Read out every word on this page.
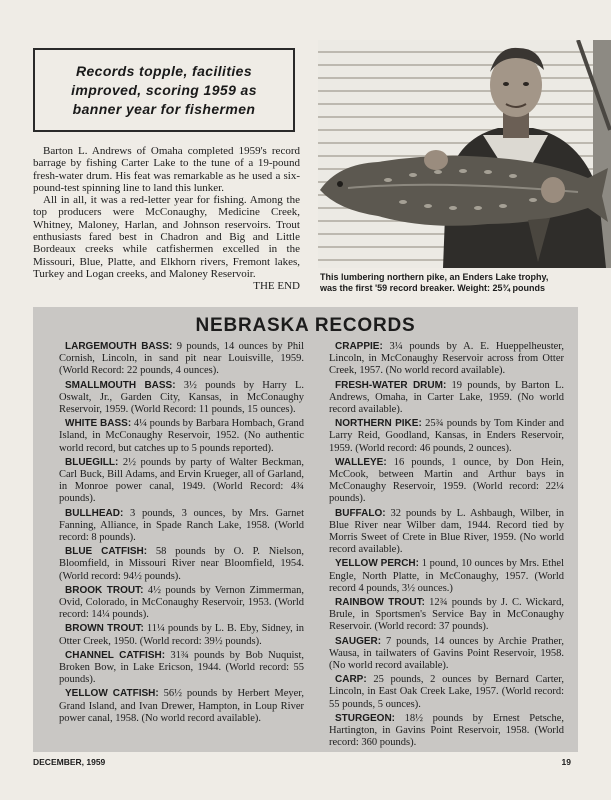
Records topple, facilities
improved, scoring 1959 as
banner year for fishermen

Barton L. Andrews of Omaha completed 1959's record barrage by fishing Carter Lake to the tune of a 19-pound fresh-water drum. His feat was remarkable as he used a six-pound-test spinning line to land this lunker.

All in all, it was a red-letter year for fishing. Among the top producers were McConaughy, Medicine Creek, Whitney, Maloney, Harlan, and Johnson reservoirs. Trout enthusiasts fared best in Chadron and Big and Little Bordeaux creeks while catfishermen excelled in the Missouri, Blue, Platte, and Elkhorn rivers, Fremont lakes, Turkey and Logan creeks, and Maloney Reservoir.
THE END

This lumbering northern pike, an Enders Lake trophy,
was the first '59 record breaker. Weight: 25¾ pounds
NEBRASKA RECORDS

LARGEMOUTH BASS: 9 pounds, 14 ounces by Phil Cornish, Lincoln, in sand pit near Louisville, 1959. (World Record: 22 pounds, 4 ounces).

SMALLMOUTH BASS: 3½ pounds by Harry L. Oswalt, Jr., Garden City, Kansas, in McConaughy Reservoir, 1959. (World Record: 11 pounds, 15 ounces).

WHITE BASS: 4¼ pounds by Barbara Hombach, Grand Island, in McConaughy Reservoir, 1952. (No authentic world record, but catches up to 5 pounds reported).

BLUEGILL: 2½ pounds by party of Walter Beckman, Carl Buck, Bill Adams, and Ervin Krueger, all of Garland, in Monroe power canal, 1949. (World Record: 4¾ pounds).

BULLHEAD: 3 pounds, 3 ounces, by Mrs. Garnet Fanning, Alliance, in Spade Ranch Lake, 1958. (World record: 8 pounds).

BLUE CATFISH: 58 pounds by O. P. Nielson, Bloomfield, in Missouri River near Bloomfield, 1954. (World record: 94½ pounds).

BROOK TROUT: 4½ pounds by Vernon Zimmerman, Ovid, Colorado, in McConaughy Reservoir, 1953. (World record: 14¼ pounds).

BROWN TROUT: 11¼ pounds by L. B. Eby, Sidney, in Otter Creek, 1950. (World record: 39½ pounds).

CHANNEL CATFISH: 31¾ pounds by Bob Nuquist, Broken Bow, in Lake Ericson, 1944. (World record: 55 pounds).

YELLOW CATFISH: 56½ pounds by Herbert Meyer, Grand Island, and Ivan Drewer, Hampton, in Loup River power canal, 1958. (No world record available).

CRAPPIE: 3¼ pounds by A. E. Hueppelheuster, Lincoln, in McConaughy Reservoir across from Otter Creek, 1957. (No world record available).

FRESH-WATER DRUM: 19 pounds, by Barton L. Andrews, Omaha, in Carter Lake, 1959. (No world record available).

NORTHERN PIKE: 25¾ pounds by Tom Kinder and Larry Reid, Goodland, Kansas, in Enders Reservoir, 1959. (World record: 46 pounds, 2 ounces).

WALLEYE: 16 pounds, 1 ounce, by Don Hein, McCook, between Martin and Arthur bays in McConaughy Reservoir, 1959. (World record: 22¼ pounds).

BUFFALO: 32 pounds by L. Ashbaugh, Wilber, in Blue River near Wilber dam, 1944. Record tied by Morris Sweet of Crete in Blue River, 1959. (No world record available).

YELLOW PERCH: 1 pound, 10 ounces by Mrs. Ethel Engle, North Platte, in McConaughy, 1957. (World record 4 pounds, 3½ ounces.)

RAINBOW TROUT: 12¾ pounds by J. C. Wickard, Brule, in Sportsmen's Service Bay in McConaughy Reservoir. (World record: 37 pounds).

SAUGER: 7 pounds, 14 ounces by Archie Prather, Wausa, in tailwaters of Gavins Point Reservoir, 1958. (No world record available).

CARP: 25 pounds, 2 ounces by Bernard Carter, Lincoln, in East Oak Creek Lake, 1957. (World record: 55 pounds, 5 ounces).

STURGEON: 18½ pounds by Ernest Petsche, Hartington, in Gavins Point Reservoir, 1958. (World record: 360 pounds).

DECEMBER, 1959	19
